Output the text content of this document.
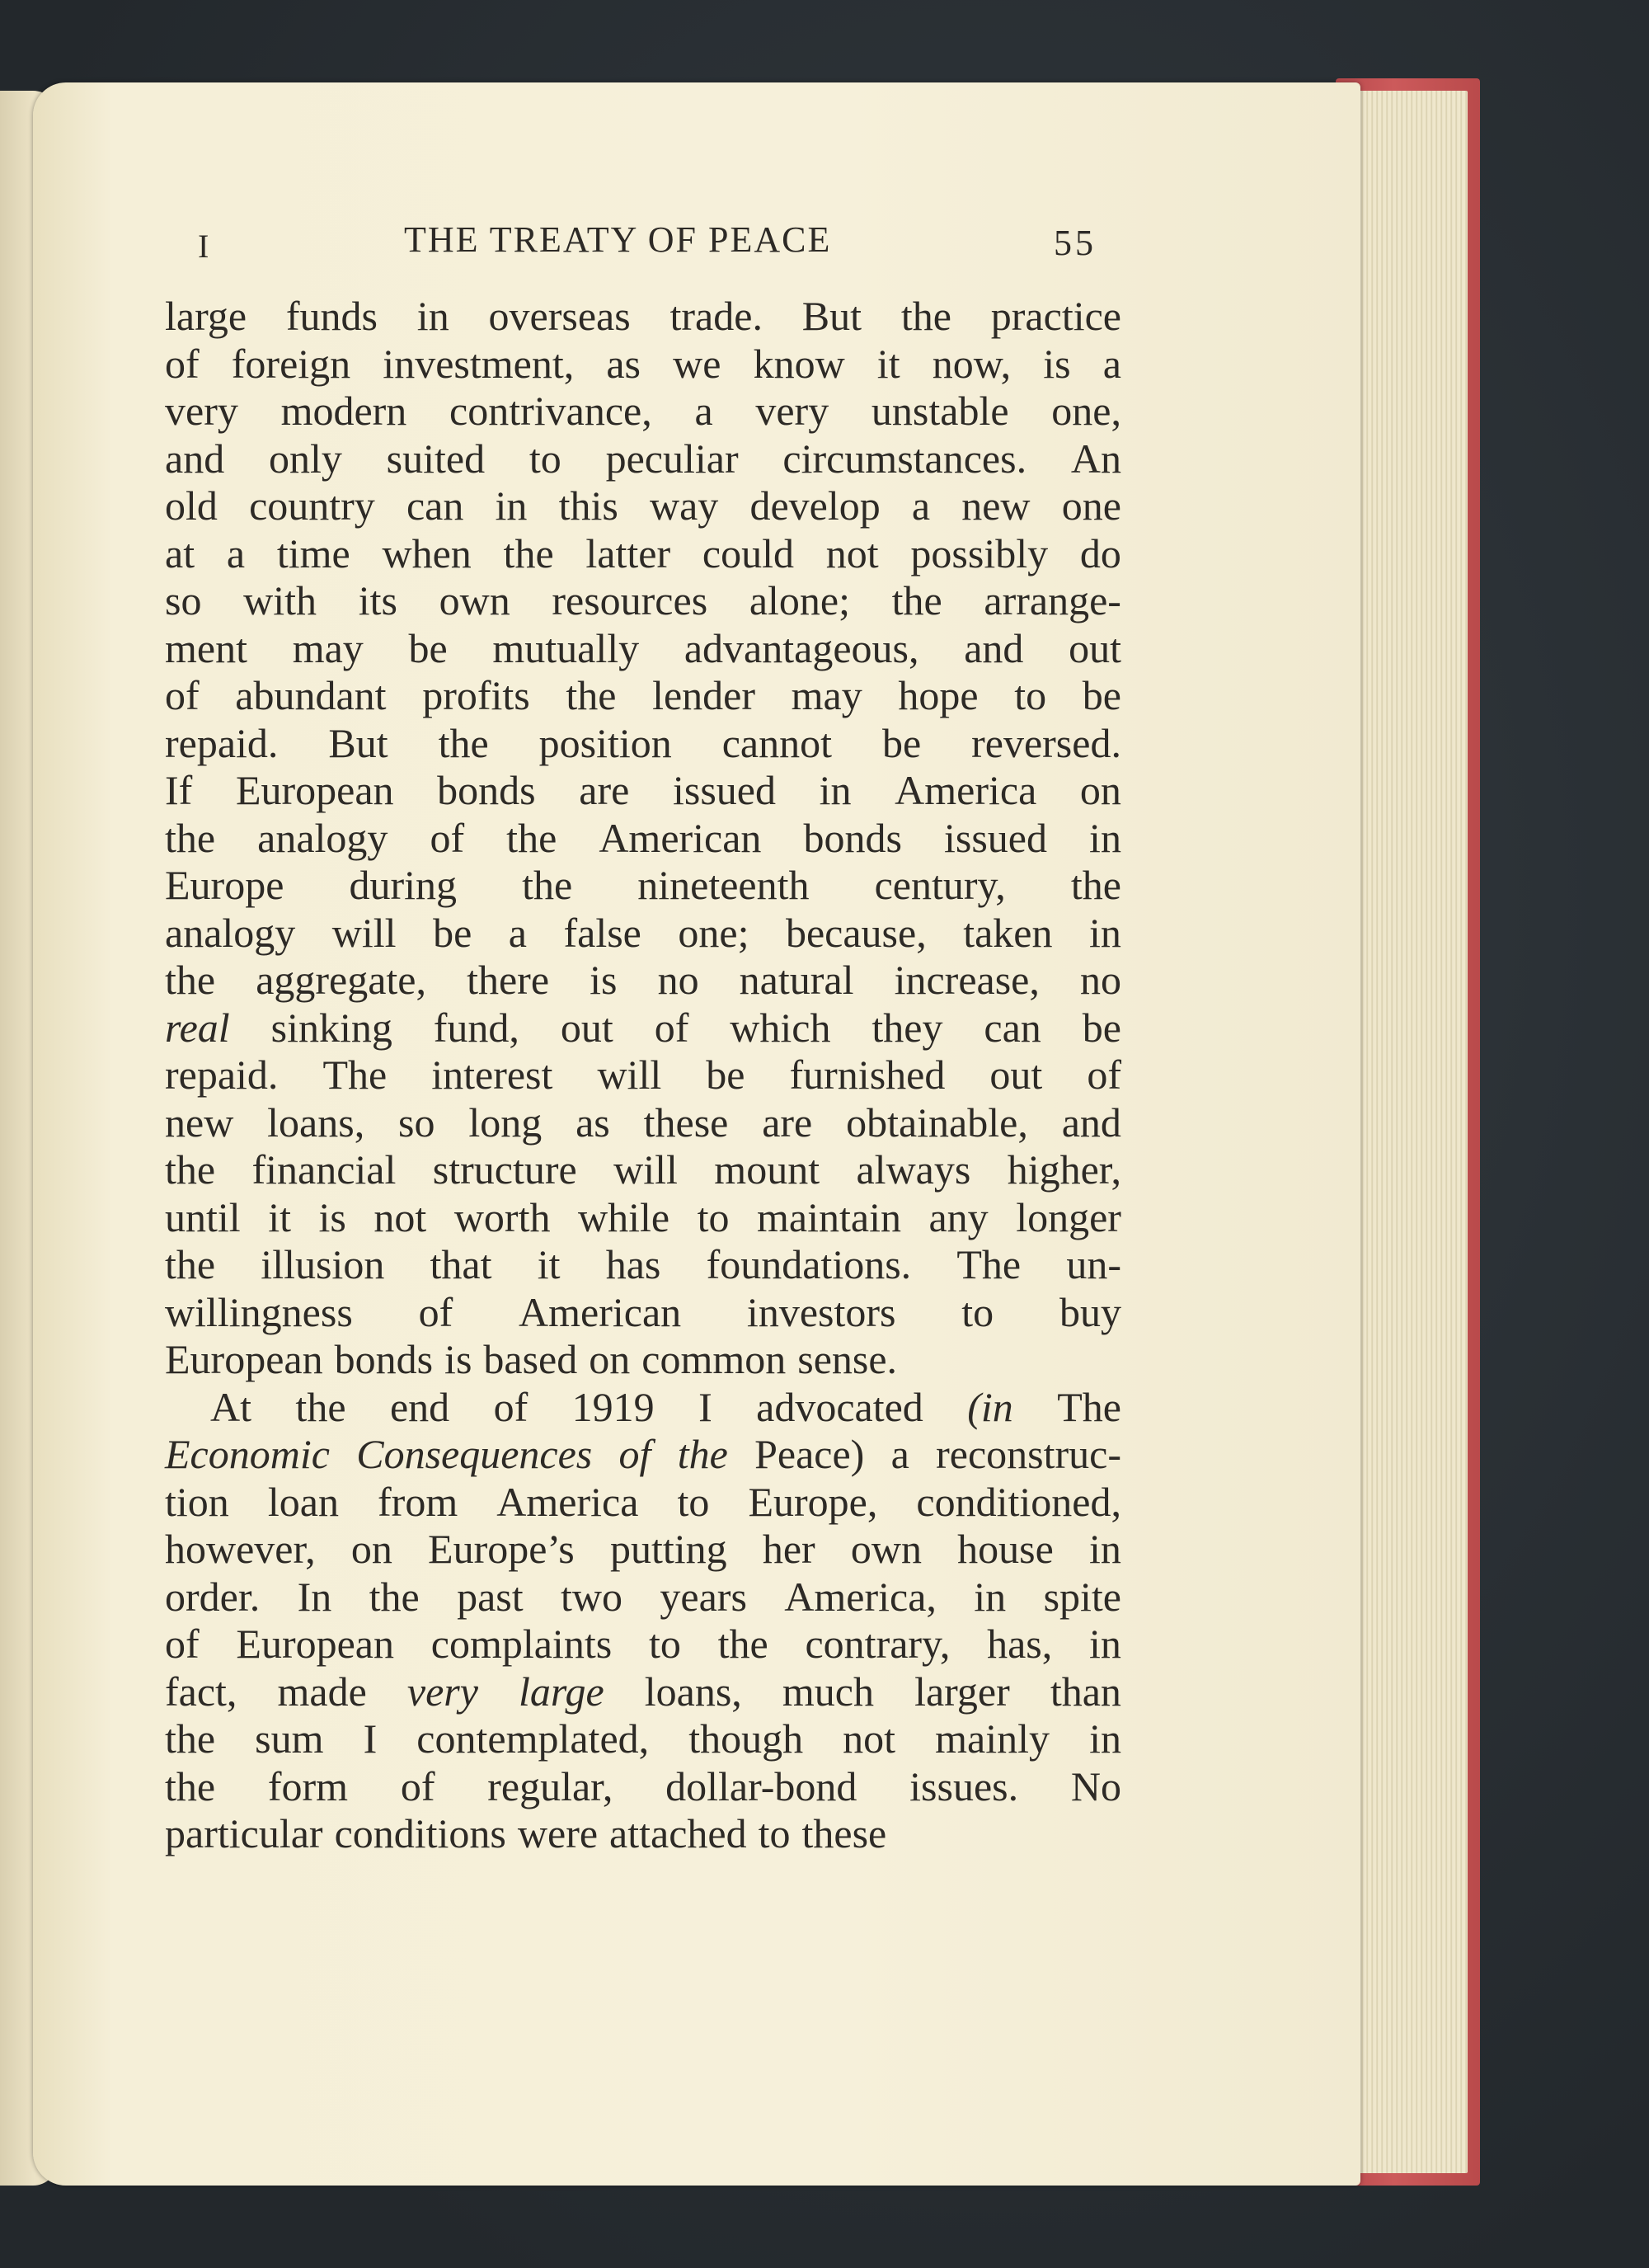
I	THE TREATY OF PEACE	55
large funds in overseas trade. But the practice
of foreign investment, as we know it now, is a
very modern contrivance, a very unstable one,
and only suited to peculiar circumstances. An
old country can in this way develop a new one
at a time when the latter could not possibly do
so with its own resources alone; the arrange-
ment may be mutually advantageous, and out
of abundant profits the lender may hope to be
repaid. But the position cannot be reversed.
If European bonds are issued in America on
the analogy of the American bonds issued in
Europe during the nineteenth century, the
analogy will be a false one; because, taken in
the aggregate, there is no natural increase, no
real sinking fund, out of which they can be
repaid. The interest will be furnished out of
new loans, so long as these are obtainable, and
the financial structure will mount always higher,
until it is not worth while to maintain any longer
the illusion that it has foundations. The un-
willingness of American investors to buy
European bonds is based on common sense.
At the end of 1919 I advocated (in The
Economic Consequences of the Peace) a reconstruc-
tion loan from America to Europe, conditioned,
however, on Europe’s putting her own house in
order. In the past two years America, in spite
of European complaints to the contrary, has, in
fact, made very large loans, much larger than
the sum I contemplated, though not mainly in
the form of regular, dollar-bond issues. No
particular conditions were attached to these
